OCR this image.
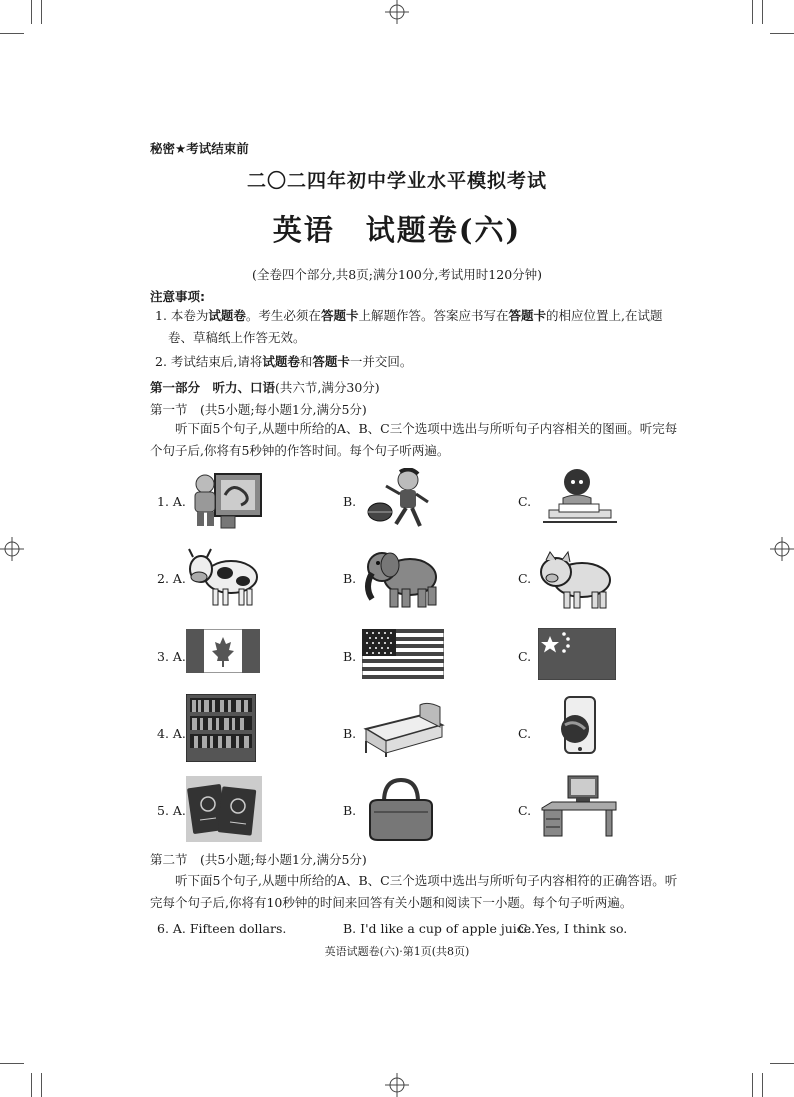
秘密★考试结束前
二〇二四年初中学业水平模拟考试
英语　试题卷(六)
(全卷四个部分,共8页;满分100分,考试用时120分钟)
注意事项:
1. 本卷为试题卷。考生必须在答题卡上解题作答。答案应书写在答题卡的相应位置上,在试题
卷、草稿纸上作答无效。
2. 考试结束后,请将试题卷和答题卡一并交回。
第一部分　听力、口语(共六节,满分30分)
第一节　(共5小题;每小题1分,满分5分)
听下面5个句子,从题中所给的A、B、C三个选项中选出与所听句子内容相关的图画。听完每
个句子后,你将有5秒钟的作答时间。每个句子听两遍。
1. A.	B.	C.
2. A.	B.	C.
3. A.	B.	C.
4. A.	B.	C.
5. A.	B.	C.
第二节　(共5小题;每小题1分,满分5分)
听下面5个句子,从题中所给的A、B、C三个选项中选出与所听句子内容相符的正确答语。听
完每个句子后,你将有10秒钟的时间来回答有关小题和阅读下一小题。每个句子听两遍。
6. A. Fifteen dollars.	B. I'd like a cup of apple juice.
C. Yes, I think so.
英语试题卷(六)·第1页(共8页)
